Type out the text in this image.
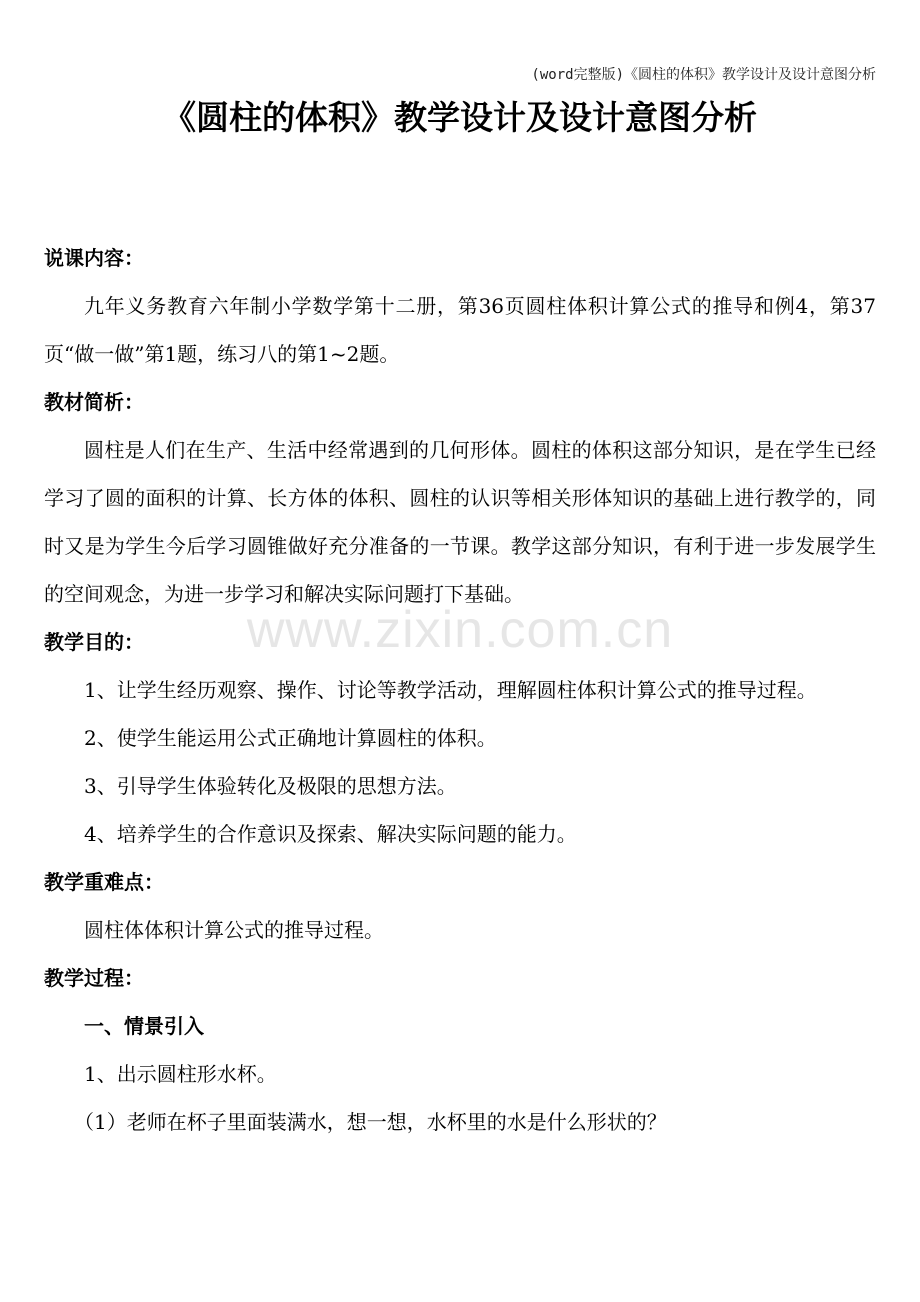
(word完整版)《圆柱的体积》教学设计及设计意图分析
《圆柱的体积》教学设计及设计意图分析
www.zixin.com.cn
说课内容：
九年义务教育六年制小学数学第十二册，第36页圆柱体积计算公式的推导和例4，第37页“做一做”第1题，练习八的第1~2题。
教材简析：
圆柱是人们在生产、生活中经常遇到的几何形体。圆柱的体积这部分知识，是在学生已经学习了圆的面积的计算、长方体的体积、圆柱的认识等相关形体知识的基础上进行教学的，同时又是为学生今后学习圆锥做好充分准备的一节课。教学这部分知识，有利于进一步发展学生的空间观念，为进一步学习和解决实际问题打下基础。
教学目的：
1、让学生经历观察、操作、讨论等教学活动，理解圆柱体积计算公式的推导过程。
2、使学生能运用公式正确地计算圆柱的体积。
3、引导学生体验转化及极限的思想方法。
4、培养学生的合作意识及探索、解决实际问题的能力。
教学重难点：
圆柱体体积计算公式的推导过程。
教学过程：
一、情景引入
1、出示圆柱形水杯。
（1）老师在杯子里面装满水，想一想，水杯里的水是什么形状的？
